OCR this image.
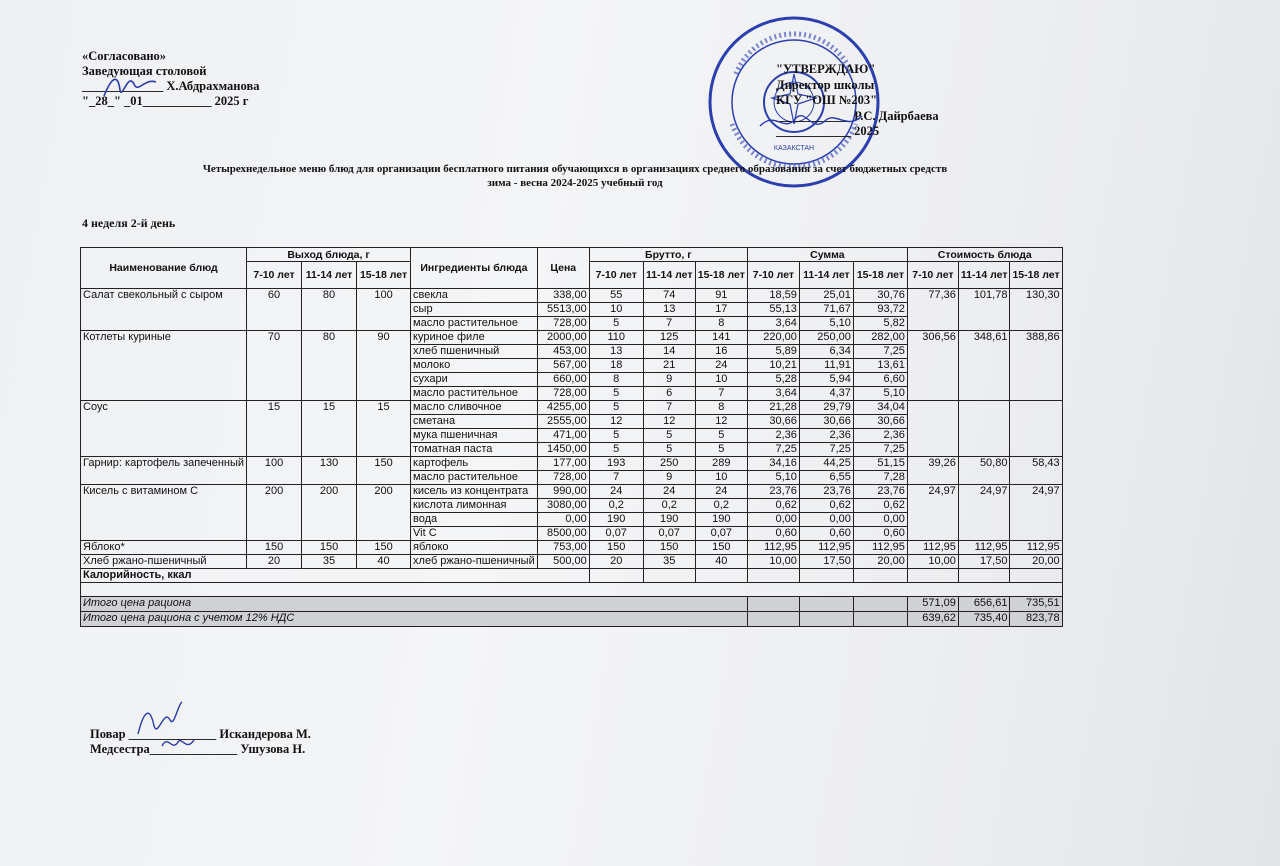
«Согласовано»
Заведующая столовой
_____________ Х.Абдрахманова
"_28_" _01___________ 2025 г
КАЗАКСТАН
"УТВЕРЖДАЮ"
Директор школы
КГУ "ОШ №203"
____________ Р.С. Дайрбаева
____________ 2025
Четырехнедельное меню блюд для организации бесплатного питания обучающихся в организациях среднего образования за счет бюджетных средств
зима - весна 2024-2025 учебный год
4 неделя 2-й день
Наименование блюд	Выход блюда, г			Ингредиенты блюда	Цена	Брутто, г			Сумма			Стоимость блюда		
	7-10 лет	11-14 лет	15-18 лет			7-10 лет	11-14 лет	15-18 лет	7-10 лет	11-14 лет	15-18 лет	7-10 лет	11-14 лет	15-18 лет
Салат свекольный с сыром	60	80	100	свекла	338,00	55	74	91	18,59	25,01	30,76	77,36	101,78	130,30
				сыр	5513,00	10	13	17	55,13	71,67	93,72			
				масло растительное	728,00	5	7	8	3,64	5,10	5,82			
Котлеты куриные	70	80	90	куриное филе	2000,00	110	125	141	220,00	250,00	282,00	306,56	348,61	388,86
				хлеб пшеничный	453,00	13	14	16	5,89	6,34	7,25			
				молоко	567,00	18	21	24	10,21	11,91	13,61			
				сухари	660,00	8	9	10	5,28	5,94	6,60			
				масло растительное	728,00	5	6	7	3,64	4,37	5,10			
Соус	15	15	15	масло сливочное	4255,00	5	7	8	21,28	29,79	34,04			
				сметана	2555,00	12	12	12	30,66	30,66	30,66			
				мука пшеничная	471,00	5	5	5	2,36	2,36	2,36			
				томатная паста	1450,00	5	5	5	7,25	7,25	7,25			
Гарнир: картофель запеченный	100	130	150	картофель	177,00	193	250	289	34,16	44,25	51,15	39,26	50,80	58,43
				масло растительное	728,00	7	9	10	5,10	6,55	7,28			
Кисель с витамином С	200	200	200	кисель из концентрата	990,00	24	24	24	23,76	23,76	23,76	24,97	24,97	24,97
				кислота лимонная	3080,00	0,2	0,2	0,2	0,62	0,62	0,62			
				вода	0,00	190	190	190	0,00	0,00	0,00			
				Vit C	8500,00	0,07	0,07	0,07	0,60	0,60	0,60			
Яблоко*	150	150	150	яблоко	753,00	150	150	150	112,95	112,95	112,95	112,95	112,95	112,95
Хлеб ржано-пшеничный	20	35	40	хлеб ржано-пшеничный	500,00	20	35	40	10,00	17,50	20,00	10,00	17,50	20,00
Калорийность, ккал														

Итого цена рациона												571,09	656,61	735,51
Итого цена рациона с учетом 12% НДС												639,62	735,40	823,78
Повар ______________ Искандерова М.
Медсестра______________ Ушузова Н.
